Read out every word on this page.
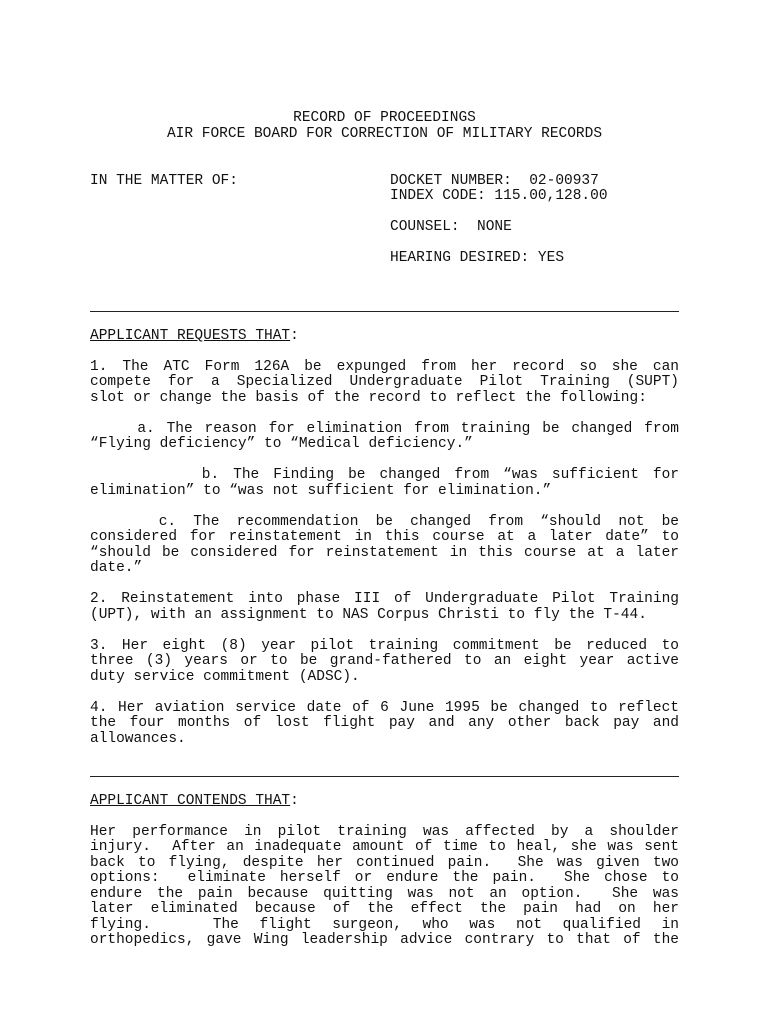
RECORD OF PROCEEDINGS
AIR FORCE BOARD FOR CORRECTION OF MILITARY RECORDS
IN THE MATTER OF:	DOCKET NUMBER:  02-00937
INDEX CODE: 115.00,128.00
COUNSEL:  NONE
HEARING DESIRED: YES
APPLICANT REQUESTS THAT:
1. The ATC Form 126A be expunged from her record so she can
compete for a Specialized Undergraduate Pilot Training (SUPT)
slot or change the basis of the record to reflect the following:
a. The reason for elimination from training be changed from
“Flying deficiency” to “Medical deficiency.”
b. The Finding be changed from “was sufficient for
elimination” to “was not sufficient for elimination.”
c. The recommendation be changed from “should not be
considered for reinstatement in this course at a later date” to
“should be considered for reinstatement in this course at a later
date.”
2. Reinstatement into phase III of Undergraduate Pilot Training
(UPT), with an assignment to NAS Corpus Christi to fly the T-44.
3. Her eight (8) year pilot training commitment be reduced to
three (3) years or to be grand-fathered to an eight year active
duty service commitment (ADSC).
4. Her aviation service date of 6 June 1995 be changed to reflect
the four months of lost flight pay and any other back pay and
allowances.
APPLICANT CONTENDS THAT:
Her performance in pilot training was affected by a shoulder
injury.  After an inadequate amount of time to heal, she was sent
back to flying, despite her continued pain.  She was given two
options:  eliminate herself or endure the pain.  She chose to
endure the pain because quitting was not an option.  She was
later eliminated because of the effect the pain had on her
flying.   The flight surgeon, who was not qualified in
orthopedics, gave Wing leadership advice contrary to that of the
